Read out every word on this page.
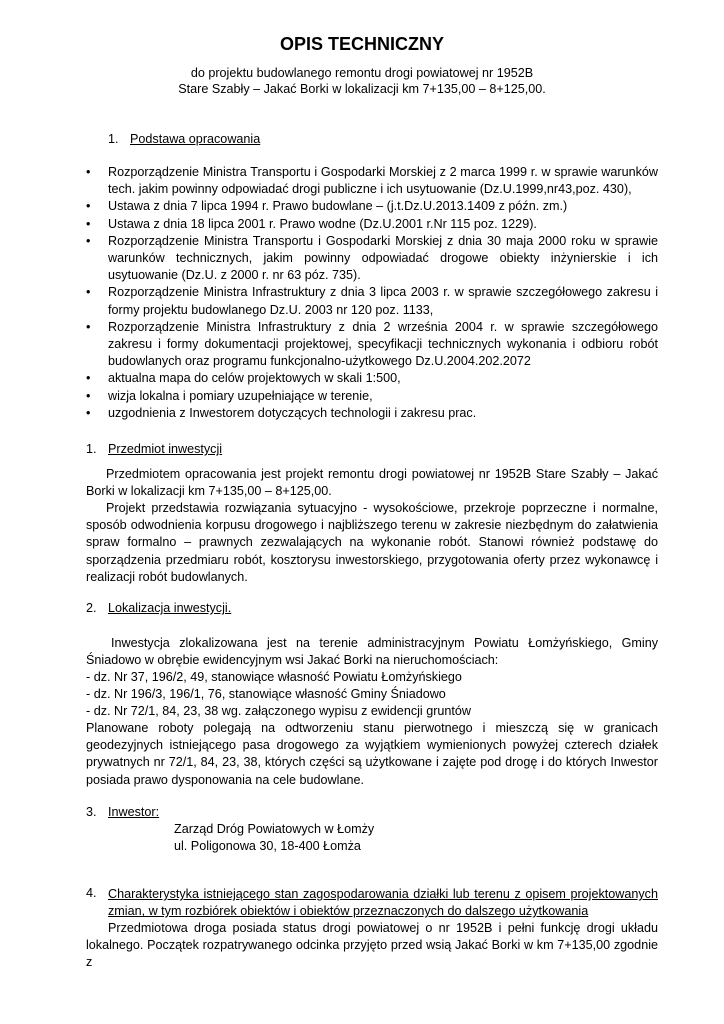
OPIS TECHNICZNY
do projektu budowlanego remontu drogi powiatowej nr 1952B
Stare Szabły – Jakać Borki w lokalizacji km 7+135,00 – 8+125,00.
1. Podstawa opracowania
• Rozporządzenie Ministra Transportu i Gospodarki Morskiej z 2 marca 1999 r. w sprawie warunków tech. jakim powinny odpowiadać drogi publiczne i ich usytuowanie (Dz.U.1999,nr43,poz. 430),
• Ustawa z dnia 7 lipca 1994 r. Prawo budowlane – (j.t.Dz.U.2013.1409 z późn. zm.)
• Ustawa z dnia 18 lipca 2001 r. Prawo wodne (Dz.U.2001 r.Nr 115 poz. 1229).
• Rozporządzenie Ministra Transportu i Gospodarki Morskiej z dnia 30 maja 2000 roku w sprawie warunków technicznych, jakim powinny odpowiadać drogowe obiekty inżynierskie i ich usytuowanie (Dz.U. z 2000 r. nr 63 póz. 735).
• Rozporządzenie Ministra Infrastruktury z dnia 3 lipca 2003 r. w sprawie szczegółowego zakresu i formy projektu budowlanego Dz.U. 2003 nr 120 poz. 1133,
• Rozporządzenie Ministra Infrastruktury z dnia 2 września 2004 r. w sprawie szczegółowego zakresu i formy dokumentacji projektowej, specyfikacji technicznych wykonania i odbioru robót budowlanych oraz programu funkcjonalno-użytkowego Dz.U.2004.202.2072
• aktualna mapa do celów projektowych w skali 1:500,
• wizja lokalna i pomiary uzupełniające w terenie,
• uzgodnienia z Inwestorem dotyczących technologii i zakresu prac.
1. Przedmiot inwestycji
Przedmiotem opracowania jest projekt remontu drogi powiatowej nr 1952B Stare Szabły – Jakać Borki w lokalizacji km 7+135,00 – 8+125,00.
Projekt przedstawia rozwiązania sytuacyjno - wysokościowe, przekroje poprzeczne i normalne, sposób odwodnienia korpusu drogowego i najbliższego terenu w zakresie niezbędnym do załatwienia spraw formalno – prawnych zezwalających na wykonanie robót. Stanowi również podstawę do sporządzenia przedmiaru robót, kosztorysu inwestorskiego, przygotowania oferty przez wykonawcę i realizacji robót budowlanych.
2. Lokalizacja inwestycji.
Inwestycja zlokalizowana jest na terenie administracyjnym Powiatu Łomżyńskiego, Gminy Śniadowo w obrębie ewidencyjnym wsi Jakać Borki na nieruchomościach:
- dz. Nr 37, 196/2, 49, stanowiące własność Powiatu Łomżyńskiego
- dz. Nr 196/3, 196/1, 76, stanowiące własność Gminy Śniadowo
- dz. Nr 72/1, 84, 23, 38 wg. załączonego wypisu z ewidencji gruntów
Planowane roboty polegają na odtworzeniu stanu pierwotnego i mieszczą się w granicach geodezyjnych istniejącego pasa drogowego za wyjątkiem wymienionych powyżej czterech działek prywatnych nr 72/1, 84, 23, 38, których części są użytkowane i zajęte pod drogę i do których Inwestor posiada prawo dysponowania na cele budowlane.
3. Inwestor:
Zarząd Dróg Powiatowych w Łomży
ul. Poligonowa 30, 18-400 Łomża
4. Charakterystyka istniejącego stan zagospodarowania działki lub terenu z opisem projektowanych zmian, w tym rozbiórek obiektów i obiektów przeznaczonych do dalszego użytkowania
Przedmiotowa droga posiada status drogi powiatowej o nr 1952B i pełni funkcję drogi układu lokalnego. Początek rozpatrywanego odcinka przyjęto przed wsią Jakać Borki w km 7+135,00 zgodnie z
